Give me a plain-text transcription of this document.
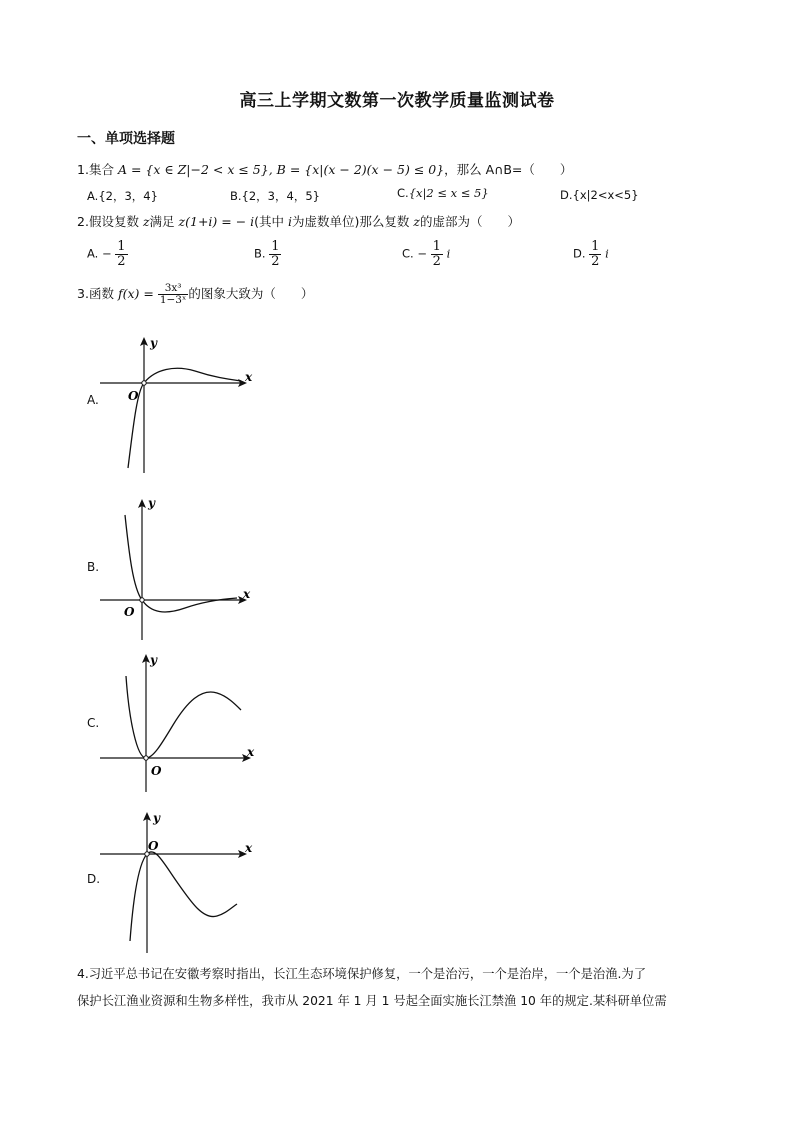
高三上学期文数第一次教学质量监测试卷
一、单项选择题
1.集合 A = {x ∈ Z|−2 < x ≤ 5}, B = {x|(x − 2)(x − 5) ≤ 0}，那么 A∩B=（　　）
A.{2，3，4}	B.{2，3，4，5}	C.{x|2 ≤ x ≤ 5}	D.{x|2<x<5}
2.假设复数 z满足 z(1+i) = − i(其中 i为虚数单位)那么复数 z的虚部为（　　）
A. − $\frac{1}{2}$	B. $\frac{1}{2}$	C. − $\frac{1}{2}$ i	D. $\frac{1}{2}$ i
3.函数 $f(x) = \frac{\text{3x³}}{\text{1−3ˣ}}$ 的图象大致为（　　）
A.
x
y
O
B.
x
y
O
C.
x
y
O
D.
x
y
O
4.习近平总书记在安徽考察时指出，长江生态环境保护修复，一个是治污，一个是治岸，一个是治渔.为了
保护长江渔业资源和生物多样性，我市从 2021 年 1 月 1 号起全面实施长江禁渔 10 年的规定.某科研单位需
